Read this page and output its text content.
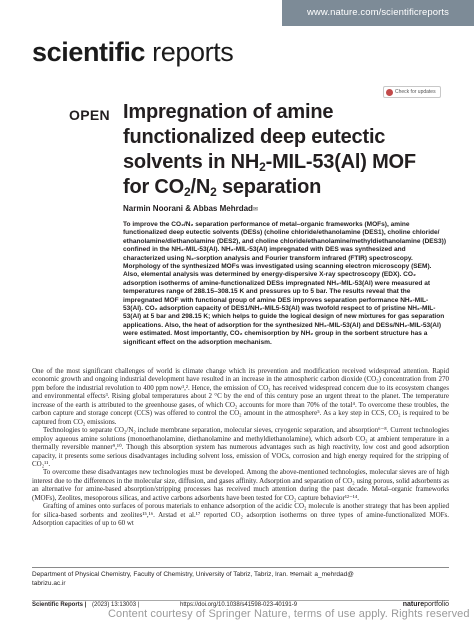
www.nature.com/scientificreports
scientific reports
Check for updates
OPEN Impregnation of amine
functionalized deep eutectic
solvents in $NH_2-MIL-53(Al)$ MOF
for $CO_2/N_2$ separation
Narmin Noorani & Abbas Mehrdad✉
To improve the CO₂/N₂ separation performance of metal–organic frameworks (MOFs), amine functionalized deep eutectic solvents (DESs) (choline chloride/ethanolamine (DES1), choline chloride/ ethanolamine/diethanolamine (DES2), and choline chloride/ethanolamine/methyldiethanolamine (DES3)) confined in the NH₂-MIL-53(Al). NH₂-MIL-53(Al) impregnated with DES was synthesized and characterized using N₂-sorption analysis and Fourier transform infrared (FTIR) spectroscopy. Morphology of the synthesized MOFs was investigated using scanning electron microscopy (SEM). Also, elemental analysis was determined by energy-dispersive X-ray spectroscopy (EDX). CO₂ adsorption isotherms of amine-functionalized DESs impregnated NH₂-MIL-53(Al) were measured at temperatures range of 288.15–308.15 K and pressures up to 5 bar. The results reveal that the impregnated MOF with functional group of amine DES improves separation performance NH₂-MIL-53(Al). CO₂ adsorption capacity of DES1/NH₂-MIL5-53(Al) was twofold respect to of pristine NH₂-MIL-53(Al) at 5 bar and 298.15 K; which helps to guide the logical design of new mixtures for gas separation applications. Also, the heat of adsorption for the synthesized NH₂-MIL-53(Al) and DESs/NH₂-MIL-53(Al) were estimated. Most importantly, CO₂ chemisorption by NH₂ group in the sorbent structure has a significant effect on the adsorption mechanism.

One of the most significant challenges of world is climate change which its prevention and modification received widespread attention. Rapid economic growth and ongoing industrial development have resulted in an increase in the atmospheric carbon dioxide (CO₂) concentration from 270 ppm before the industrial revolution to 400 ppm now¹,². Hence, the emission of CO₂ has received widespread concern due to its ecosystem changes and environmental effects³. Rising global temperatures about 2 °C by the end of this century pose an urgent threat to the planet. The temperature increase of the earth is attributed to the greenhouse gases, of which CO₂ accounts for more than 70% of the total⁴. To overcome these troubles, the carbon capture and storage concept (CCS) was offered to control the CO₂ amount in the atmosphere⁵. As a key step in CCS, CO₂ is required to be captured from CO₂ emissions.

Technologies to separate CO₂/N₂ include membrane separation, molecular sieves, cryogenic separation, and absorption⁶⁻⁸. Current technologies employ aqueous amine solutions (monoethanolamine, diethanolamine and methyldiethanolamine), which adsorb CO₂ at ambient temperature in a thermally reversible manner⁹,¹⁰. Though this absorption system has numerous advantages such as high reactivity, low cost and good adsorption capacity, it presents some serious disadvantages including solvent loss, emission of VOCs, corrosion and high energy required for the stripping of CO₂¹¹.

To overcome these disadvantages new technologies must be developed. Among the above-mentioned technologies, molecular sieves are of high interest due to the differences in the molecular size, diffusion, and gases affinity. Adsorption and separation of CO₂ using porous, solid adsorbents as an alternative for amine-based absorption/stripping processes has received much attention during the past decade. Metal–organic frameworks (MOFs), Zeolites, mesoporous silicas, and active carbons adsorbents have been tested for CO₂ capture behavior¹²⁻¹⁴.

Grafting of amines onto surfaces of porous materials to enhance adsorption of the acidic CO₂ molecule is another strategy that has been applied for silica-based sorbents and zeolites¹⁵,¹⁶. Arstad et al.¹⁷ reported CO₂ adsorption isotherms on three types of amine-functionalized MOFs. Adsorption capacities of up to 60 wt

Department of Physical Chemistry, Faculty of Chemistry, University of Tabriz, Tabriz, Iran. ✉email: a_mehrdad@
tabrizu.ac.ir
Scientific Reports | (2023) 13:13003 |	https://doi.org/10.1038/s41598-023-40191-9	natureportfolio
Content courtesy of Springer Nature, terms of use apply. Rights reserved
